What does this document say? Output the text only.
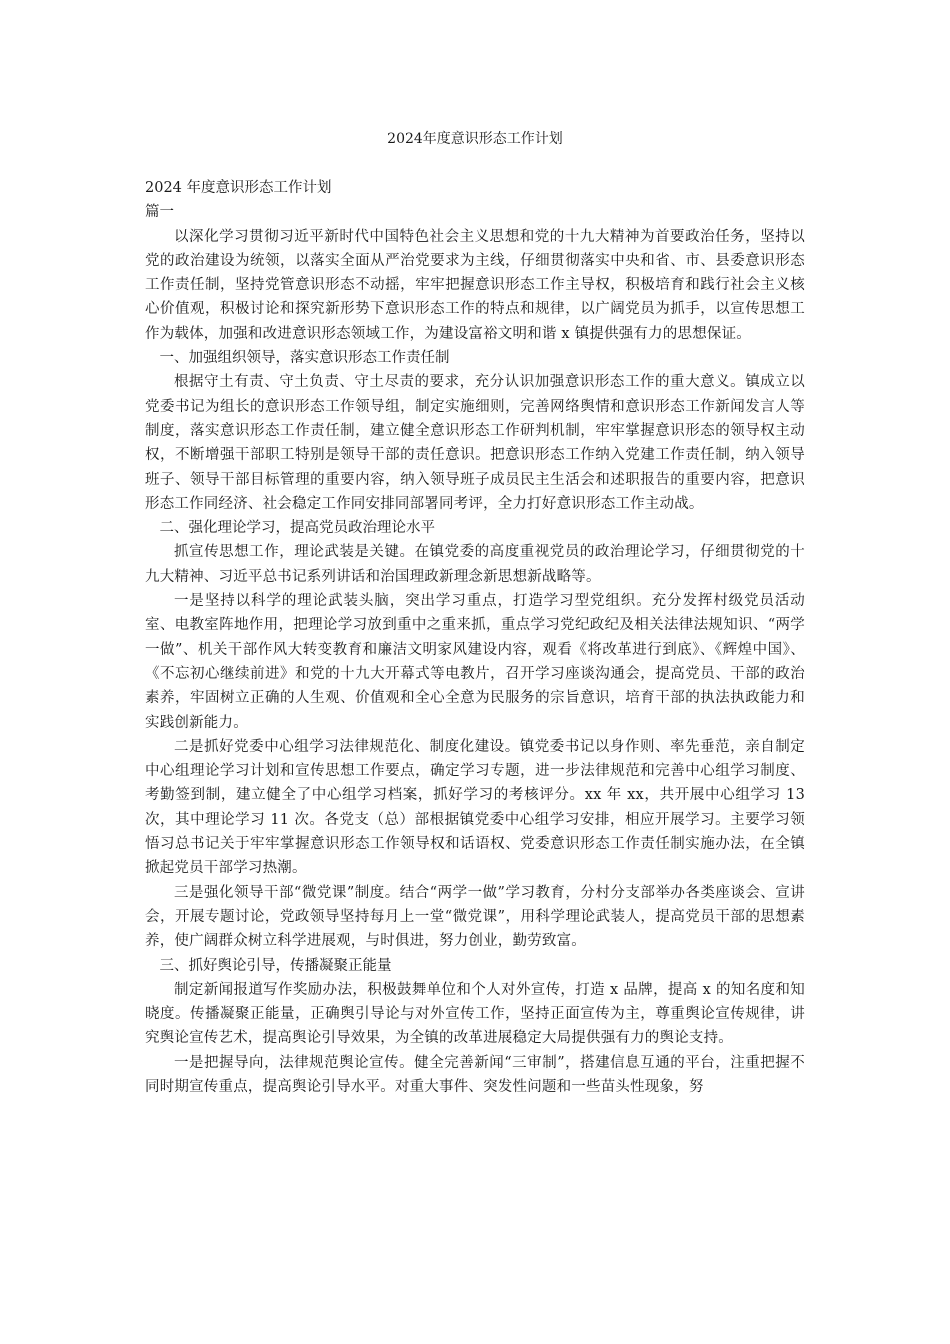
2024年度意识形态工作计划

2024 年度意识形态工作计划

篇一

以深化学习贯彻习近平新时代中国特色社会主义思想和党的十九大精神为首要政治任务，坚持以党的政治建设为统领，以落实全面从严治党要求为主线，仔细贯彻落实中央和省、市、县委意识形态工作责任制，坚持党管意识形态不动摇，牢牢把握意识形态工作主导权，积极培育和践行社会主义核心价值观，积极讨论和探究新形势下意识形态工作的特点和规律，以广阔党员为抓手，以宣传思想工作为载体，加强和改进意识形态领域工作，为建设富裕文明和谐 x 镇提供强有力的思想保证。

一、加强组织领导，落实意识形态工作责任制

根据守土有责、守土负责、守土尽责的要求，充分认识加强意识形态工作的重大意义。镇成立以党委书记为组长的意识形态工作领导组，制定实施细则，完善网络舆情和意识形态工作新闻发言人等制度，落实意识形态工作责任制，建立健全意识形态工作研判机制，牢牢掌握意识形态的领导权主动权，不断增强干部职工特别是领导干部的责任意识。把意识形态工作纳入党建工作责任制，纳入领导班子、领导干部目标管理的重要内容，纳入领导班子成员民主生活会和述职报告的重要内容，把意识形态工作同经济、社会稳定工作同安排同部署同考评，全力打好意识形态工作主动战。

二、强化理论学习，提高党员政治理论水平

抓宣传思想工作，理论武装是关键。在镇党委的高度重视党员的政治理论学习，仔细贯彻党的十九大精神、习近平总书记系列讲话和治国理政新理念新思想新战略等。

一是坚持以科学的理论武装头脑，突出学习重点，打造学习型党组织。充分发挥村级党员活动室、电教室阵地作用，把理论学习放到重中之重来抓，重点学习党纪政纪及相关法律法规知识、“两学一做”、机关干部作风大转变教育和廉洁文明家风建设内容，观看《将改革进行到底》、《辉煌中国》、《不忘初心继续前进》和党的十九大开幕式等电教片，召开学习座谈沟通会，提高党员、干部的政治素养，牢固树立正确的人生观、价值观和全心全意为民服务的宗旨意识，培育干部的执法执政能力和实践创新能力。

二是抓好党委中心组学习法律规范化、制度化建设。镇党委书记以身作则、率先垂范，亲自制定中心组理论学习计划和宣传思想工作要点，确定学习专题，进一步法律规范和完善中心组学习制度、考勤签到制，建立健全了中心组学习档案，抓好学习的考核评分。xx 年 xx，共开展中心组学习 13 次，其中理论学习 11 次。各党支（总）部根据镇党委中心组学习安排，相应开展学习。主要学习领悟习总书记关于牢牢掌握意识形态工作领导权和话语权、党委意识形态工作责任制实施办法，在全镇掀起党员干部学习热潮。

三是强化领导干部“微党课”制度。结合“两学一做”学习教育，分村分支部举办各类座谈会、宣讲会，开展专题讨论，党政领导坚持每月上一堂“微党课”，用科学理论武装人，提高党员干部的思想素养，使广阔群众树立科学进展观，与时俱进，努力创业，勤劳致富。

三、抓好舆论引导，传播凝聚正能量

制定新闻报道写作奖励办法，积极鼓舞单位和个人对外宣传，打造 x 品牌，提高 x 的知名度和知晓度。传播凝聚正能量，正确舆引导论与对外宣传工作，坚持正面宣传为主，尊重舆论宣传规律，讲究舆论宣传艺术，提高舆论引导效果，为全镇的改革进展稳定大局提供强有力的舆论支持。

一是把握导向，法律规范舆论宣传。健全完善新闻“三审制”，搭建信息互通的平台，注重把握不同时期宣传重点，提高舆论引导水平。对重大事件、突发性问题和一些苗头性现象，努
